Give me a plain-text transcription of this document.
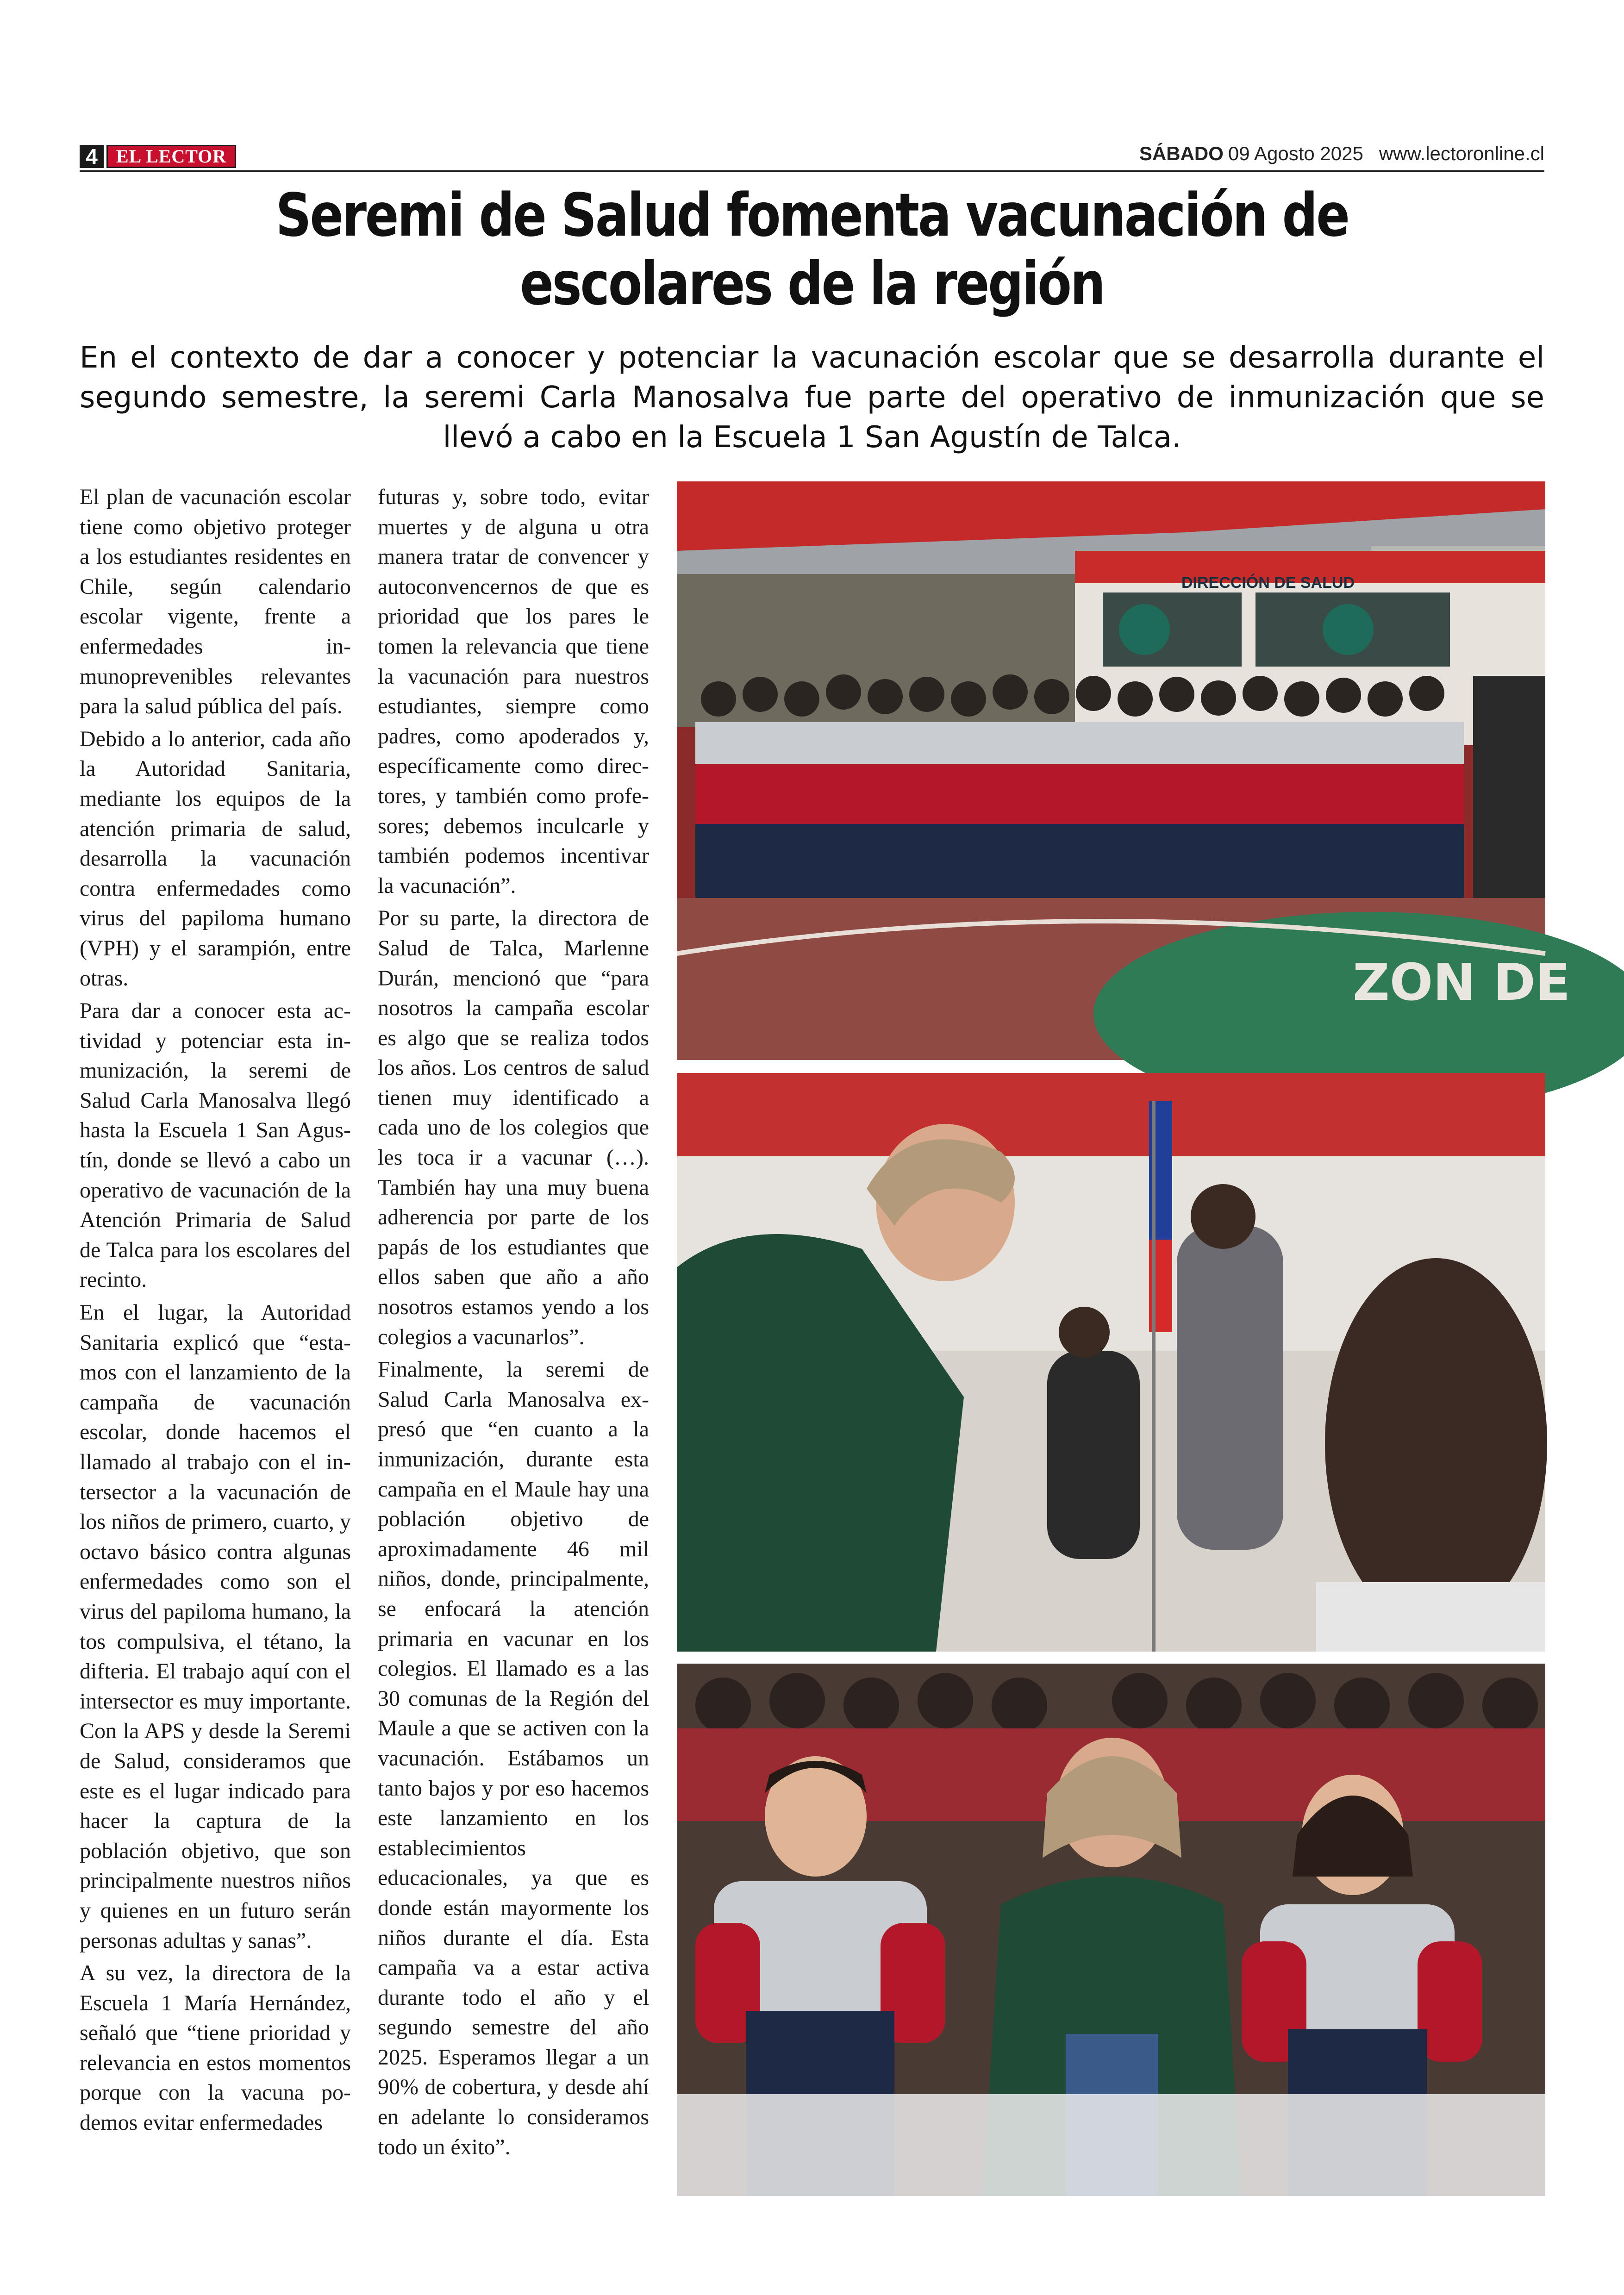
4	EL LECTOR	SÁBADO 09 Agosto 2025 www.lectoronline.cl
Seremi de Salud fomenta vacunación de
escolares de la región
En el contexto de dar a conocer y potenciar la vacunación escolar que se desarrolla durante el segundo semestre, la seremi Carla Manosalva fue parte del operativo de inmunización que se llevó a cabo en la Escuela 1 San Agustín de Talca.

El plan de vacunación escolar tiene como objetivo proteger a los estudiantes residentes en Chile, según calendario escolar vigente, frente a enfermedades inmunoprevenibles relevantes para la salud pública del país.

Debido a lo anterior, cada año la Autoridad Sanitaria, mediante los equipos de la atención primaria de salud, desarrolla la vacunación contra enfermedades como virus del papiloma humano (VPH) y el sarampión, entre otras.

Para dar a conocer esta actividad y potenciar esta inmunización, la seremi de Salud Carla Manosalva llegó hasta la Escuela 1 San Agustín, donde se llevó a cabo un operativo de vacunación de la Atención Primaria de Salud de Talca para los escolares del recinto.

En el lugar, la Autoridad Sanitaria explicó que “estamos con el lanzamiento de la campaña de vacunación escolar, donde hacemos el llamado al trabajo con el intersector a la vacunación de los niños de primero, cuarto, y octavo básico contra algunas enfermedades como son el virus del papiloma humano, la tos compulsiva, el tétano, la difteria. El trabajo aquí con el intersector es muy importante. Con la APS y desde la Seremi de Salud, consideramos que este es el lugar indicado para hacer la captura de la población objetivo, que son principalmente nuestros niños y quienes en un futuro serán personas adultas y sanas”.

A su vez, la directora de la Escuela 1 María Hernández, señaló que “tiene prioridad y relevancia en estos momentos porque con la vacuna podemos evitar enfermedades

futuras y, sobre todo, evitar muertes y de alguna u otra manera tratar de convencer y autoconvencernos de que es prioridad que los pares le tomen la relevancia que tiene la vacunación para nuestros estudiantes, siempre como padres, como apoderados y, específicamente como directores, y también como profesores; debemos inculcarle y también podemos incentivar la vacunación”.

Por su parte, la directora de Salud de Talca, Marlenne Durán, mencionó que “para nosotros la campaña escolar es algo que se realiza todos los años. Los centros de salud tienen muy identificado a cada uno de los colegios que les toca ir a vacunar (…). También hay una muy buena adherencia por parte de los papás de los estudiantes que ellos saben que año a año nosotros estamos yendo a los colegios a vacunarlos”.

Finalmente, la seremi de Salud Carla Manosalva expresó que “en cuanto a la inmunización, durante esta campaña en el Maule hay una población objetivo de aproximadamente 46 mil niños, donde, principalmente, se enfocará la atención primaria en vacunar en los colegios. El llamado es a las 30 comunas de la Región del Maule a que se activen con la vacunación. Estábamos un tanto bajos y por eso hacemos este lanzamiento en los establecimientos educacionales, ya que es donde están mayormente los niños durante el día. Esta campaña va a estar activa durante todo el año y el segundo semestre del año 2025. Esperamos llegar a un 90% de cobertura, y desde ahí en adelante lo consideramos todo un éxito”.

DIRECCIÓN DE SALUD
ZON DE
